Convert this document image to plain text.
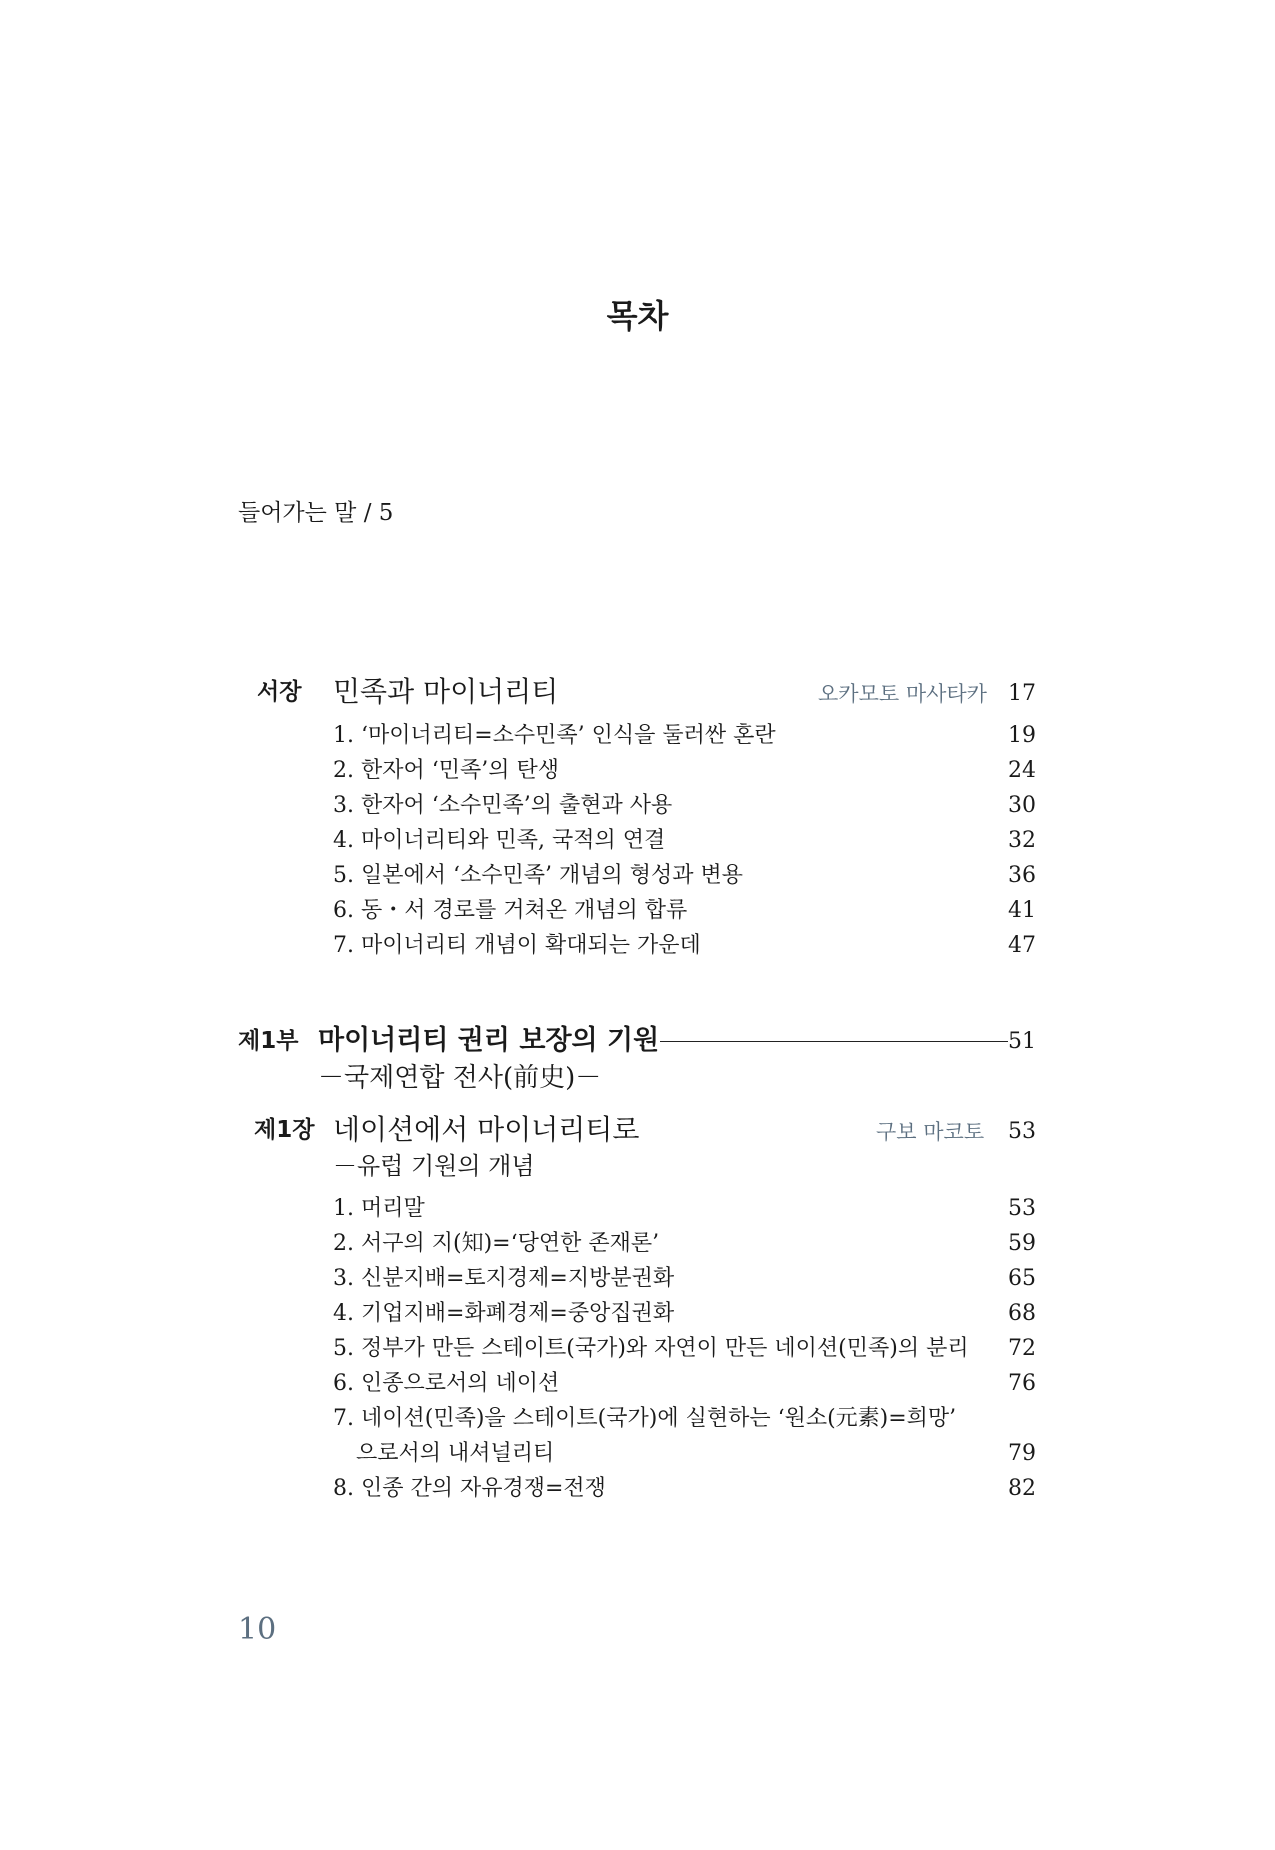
목차
들어가는 말 / 5
서장 민족과 마이너리티	오카모토 마사타카 17
1. ‘마이너리티=소수민족’ 인식을 둘러싼 혼란	19
2. 한자어 ‘민족’의 탄생	24
3. 한자어 ‘소수민족’의 출현과 사용	30
4. 마이너리티와 민족, 국적의 연결	32
5. 일본에서 ‘소수민족’ 개념의 형성과 변용	36
6. 동・서 경로를 거쳐온 개념의 합류	41
7. 마이너리티 개념이 확대되는 가운데	47
제1부 마이너리티 권리 보장의 기원	51
－국제연합 전사(前史)－
제1장 네이션에서 마이너리티로	구보 마코토	53
－유럽 기원의 개념
1. 머리말	53
2. 서구의 지(知)=‘당연한 존재론’	59
3. 신분지배=토지경제=지방분권화	65
4. 기업지배=화폐경제=중앙집권화	68
5. 정부가 만든 스테이트(국가)와 자연이 만든 네이션(민족)의 분리	72
6. 인종으로서의 네이션	76
7. 네이션(민족)을 스테이트(국가)에 실현하는 ‘원소(元素)=희망’
으로서의 내셔널리티	79
8. 인종 간의 자유경쟁=전쟁	82
10
